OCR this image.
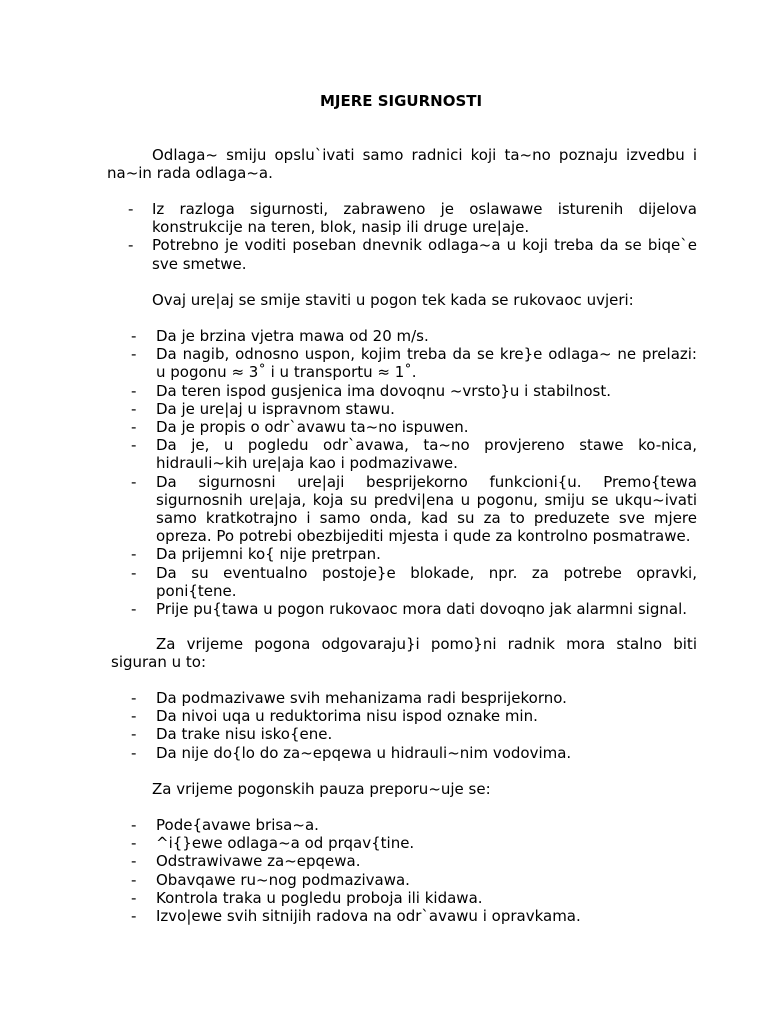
MJERE SIGURNOSTI

Odlaga~ smiju opslu`ivati samo radnici koji ta~no poznaju izvedbu i na~in rada odlaga~a.

- Iz razloga sigurnosti, zabraweno je oslawawe isturenih dijelova konstrukcije na teren, blok, nasip ili druge ure|aje.
- Potrebno je voditi poseban dnevnik odlaga~a u koji treba da se biqe`e sve smetwe.

Ovaj ure|aj se smije staviti u pogon tek kada se rukovaoc uvjeri:

- Da je brzina vjetra mawa od 20 m/s.
- Da nagib, odnosno uspon, kojim treba da se kre}e odlaga~ ne prelazi: u pogonu ≈ 3˚ i u transportu ≈ 1˚.
- Da teren ispod gusjenica ima dovoqnu ~vrsto}u i stabilnost.
- Da je ure|aj u ispravnom stawu.
- Da je propis o odr`avawu ta~no ispuwen.
- Da je, u pogledu odr`avawa, ta~no provjereno stawe ko-nica, hidrauli~kih ure|aja kao i podmazivawe.
- Da sigurnosni ure|aji besprijekorno funkcioni{u. Premo{tewa sigurnosnih ure|aja, koja su predvi|ena u pogonu, smiju se ukqu~ivati samo kratkotrajno i samo onda, kad su za to preduzete sve mjere opreza. Po potrebi obezbijediti mjesta i qude za kontrolno posmatrawe.
- Da prijemni ko{ nije pretrpan.
- Da su eventualno postoje}e blokade, npr. za potrebe opravki, poni{tene.
- Prije pu{tawa u pogon rukovaoc mora dati dovoqno jak alarmni signal.

Za vrijeme pogona odgovaraju}i pomo}ni radnik mora stalno biti siguran u to:

- Da podmazivawe svih mehanizama radi besprijekorno.
- Da nivoi uqa u reduktorima nisu ispod oznake min.
- Da trake nisu isko{ene.
- Da nije do{lo do za~epqewa u hidrauli~nim vodovima.

Za vrijeme pogonskih pauza preporu~uje se:

- Pode{avawe brisa~a.
- ^i{}ewe odlaga~a od prqav{tine.
- Odstrawivawe za~epqewa.
- Obavqawe ru~nog podmazivawa.
- Kontrola traka u pogledu proboja ili kidawa.
- Izvo|ewe svih sitnijih radova na odr`avawu i opravkama.
